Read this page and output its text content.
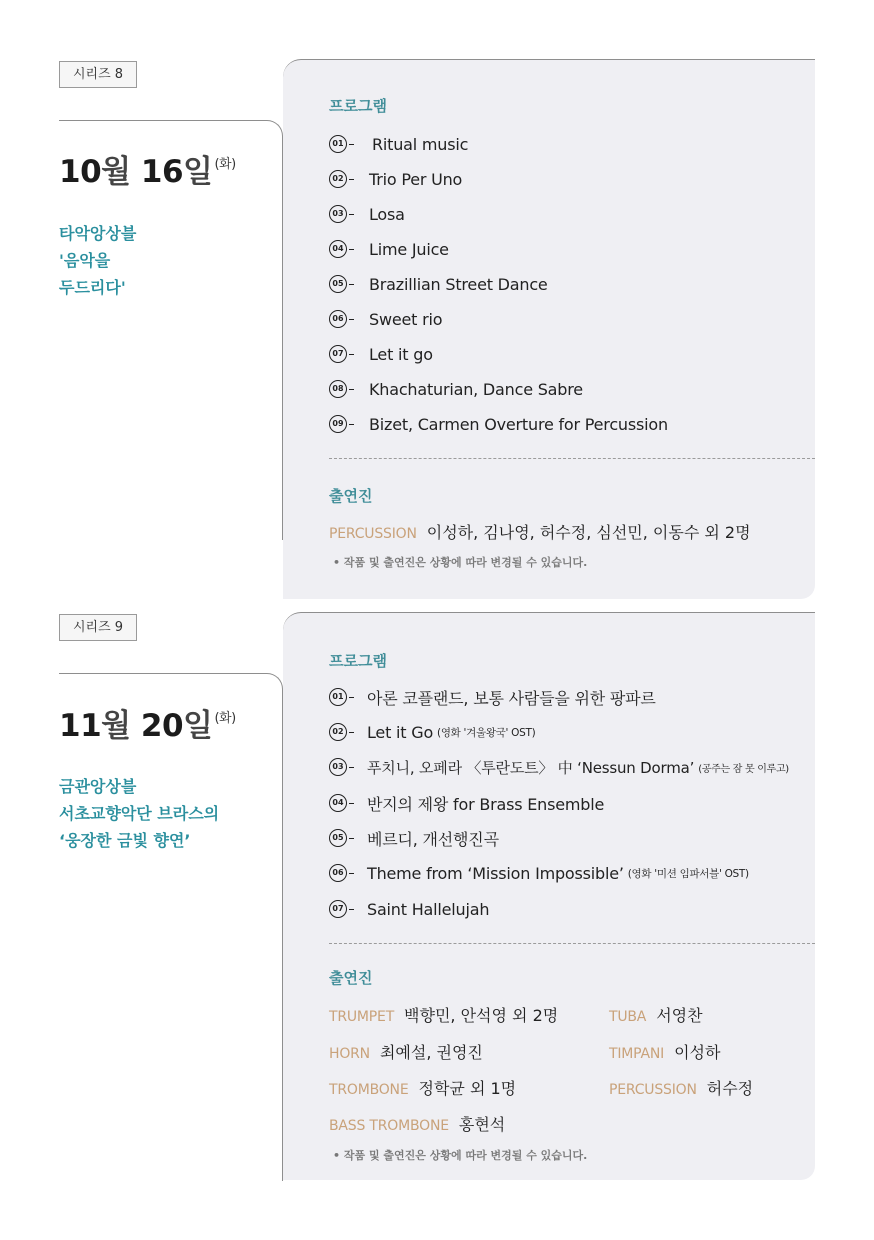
시리즈 8
10월 16일 $^{(화)}$
타악앙상블
'음악을
두드리다'
프로그램
01 Ritual music
02 Trio Per Uno
03 Losa
04 Lime Juice
05 Brazillian Street Dance
06 Sweet rio
07 Let it go
08 Khachaturian, Dance Sabre
09 Bizet, Carmen Overture for Percussion
출연진
PERCUSSION 이성하, 김나영, 허수정, 심선민, 이동수 외 2명
• 작품 및 출연진은 상황에 따라 변경될 수 있습니다.
시리즈 9
11월 20일 $^{(화)}$
금관앙상블
서초교향악단 브라스의
‘웅장한 금빛 향연’
프로그램
01 아론 코플랜드, 보통 사람들을 위한 팡파르
02 Let it Go (영화 '겨울왕국' OST)
03 푸치니, 오페라 〈투란도트〉 中 ‘Nessun Dorma’ (공주는 잠 못 이루고)
04 반지의 제왕 for Brass Ensemble
05 베르디, 개선행진곡
06 Theme from ‘Mission Impossible’ (영화 '미션 임파서블' OST)
07 Saint Hallelujah
출연진
TRUMPET 백향민, 안석영 외 2명	TUBA 서영찬
HORN 최예설, 권영진	TIMPANI 이성하
TROMBONE 정학균 외 1명	PERCUSSION 허수정
BASS TROMBONE 홍현석
• 작품 및 출연진은 상황에 따라 변경될 수 있습니다.
